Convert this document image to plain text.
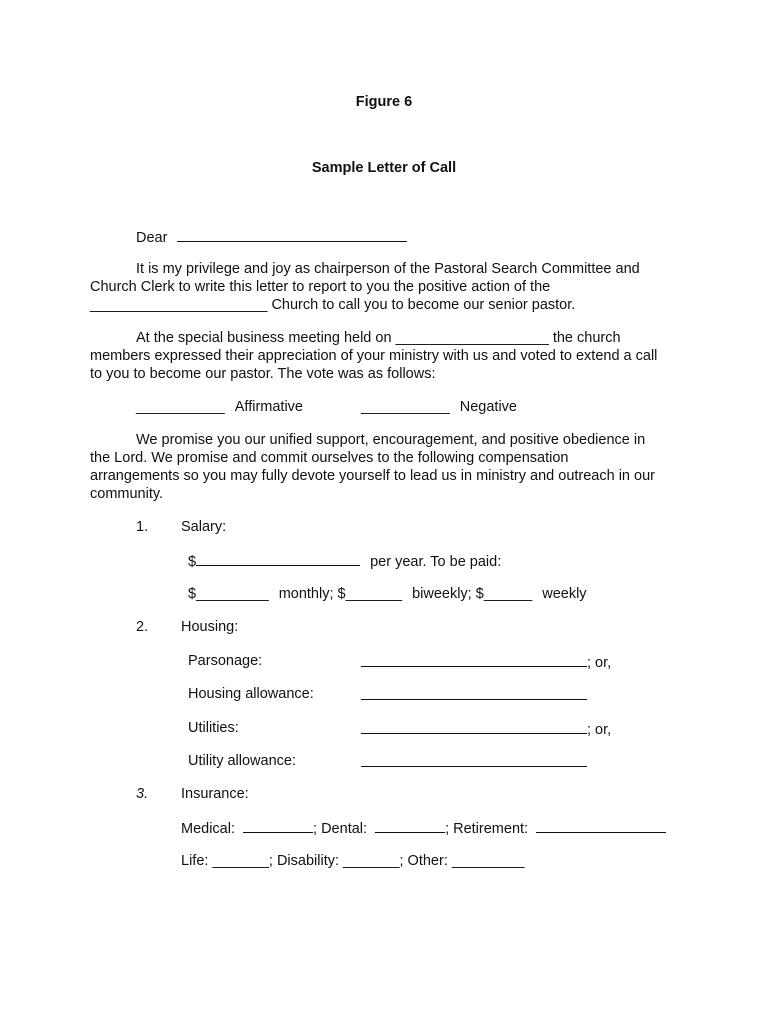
Figure 6
Sample Letter of Call
Dear
It is my privilege and joy as chairperson of the Pastoral Search Committee and
Church Clerk to write this letter to report to you the positive action of the
______________________ Church to call you to become our senior pastor.
At the special business meeting held on ___________________ the church
members expressed their appreciation of your ministry with us and voted to extend a call
to you to become our pastor. The vote was as follows:
___________ Affirmative	___________ Negative
We promise you our unified support, encouragement, and positive obedience in
the Lord. We promise and commit ourselves to the following compensation
arrangements so you may fully devote yourself to lead us in ministry and outreach in our
community.
1. Salary:
$	per year. To be paid:
$_________ monthly; $_______ biweekly; $______ weekly
2. Housing:
Parsonage:	; or,
Housing allowance:
Utilities:	; or,
Utility allowance:
3. Insurance:
Medical:	; Dental:	; Retirement:
Life: _______; Disability: _______; Other: _________
